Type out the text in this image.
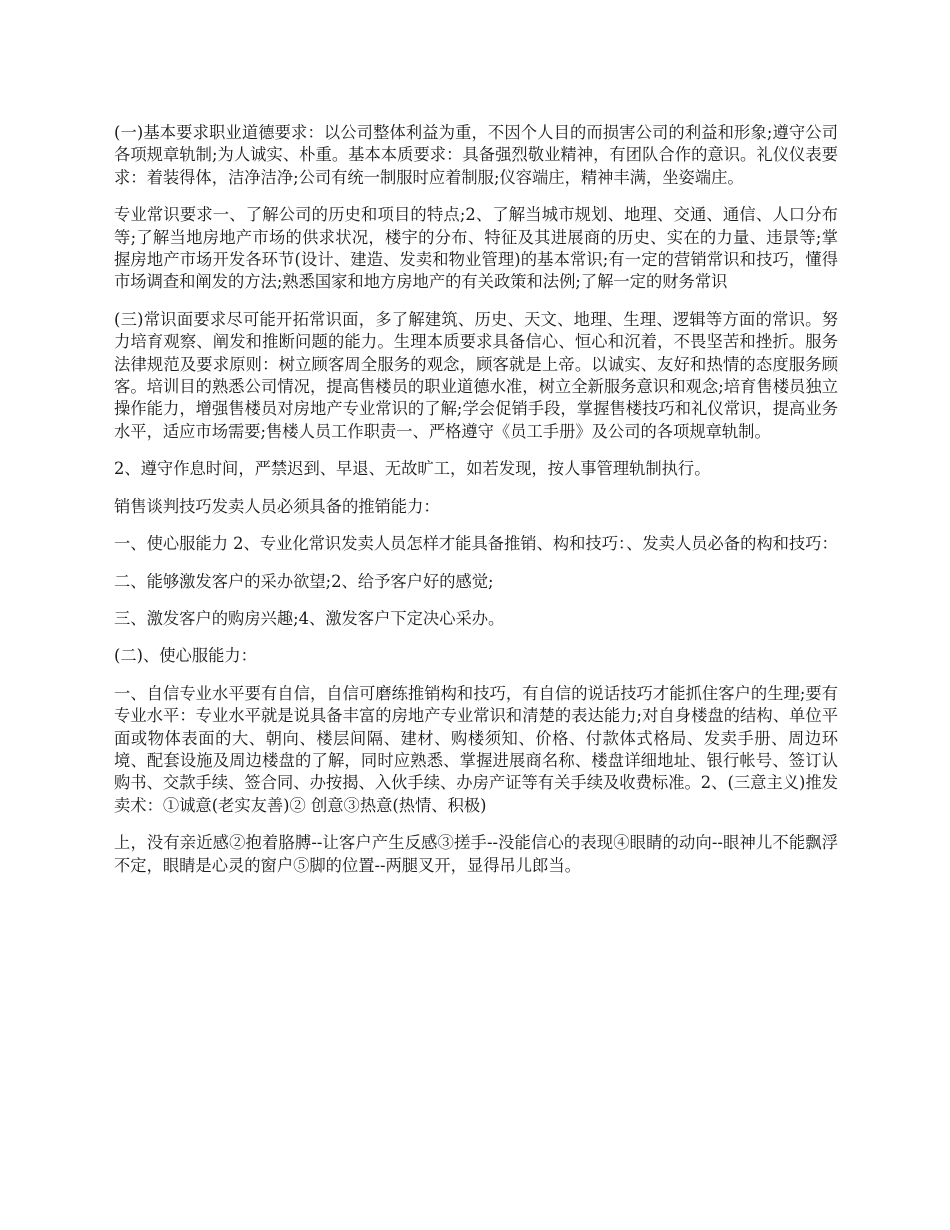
(一)基本要求职业道德要求：以公司整体利益为重，不因个人目的而损害公司的利益和形象;遵守公司各项规章轨制;为人诚实、朴重。基本本质要求：具备强烈敬业精神，有团队合作的意识。礼仪仪表要求：着装得体，洁净洁净;公司有统一制服时应着制服;仪容端庄，精神丰满，坐姿端庄。

专业常识要求一、了解公司的历史和项目的特点;2、了解当城市规划、地理、交通、通信、人口分布等;了解当地房地产市场的供求状况，楼宇的分布、特征及其进展商的历史、实在的力量、违景等;掌握房地产市场开发各环节(设计、建造、发卖和物业管理)的基本常识;有一定的营销常识和技巧，懂得市场调查和阐发的方法;熟悉国家和地方房地产的有关政策和法例;了解一定的财务常识

(三)常识面要求尽可能开拓常识面，多了解建筑、历史、天文、地理、生理、逻辑等方面的常识。努力培育观察、阐发和推断问题的能力。生理本质要求具备信心、恒心和沉着，不畏坚苦和挫折。服务法律规范及要求原则：树立顾客周全服务的观念，顾客就是上帝。以诚实、友好和热情的态度服务顾客。培训目的熟悉公司情况，提高售楼员的职业道德水准，树立全新服务意识和观念;培育售楼员独立操作能力，增强售楼员对房地产专业常识的了解;学会促销手段，掌握售楼技巧和礼仪常识，提高业务水平，适应市场需要;售楼人员工作职责一、严格遵守《员工手册》及公司的各项规章轨制。

2、遵守作息时间，严禁迟到、早退、无故旷工，如若发现，按人事管理轨制执行。

销售谈判技巧发卖人员必须具备的推销能力：

一、使心服能力 2、专业化常识发卖人员怎样才能具备推销、构和技巧：、发卖人员必备的构和技巧：

二、能够激发客户的采办欲望;2、给予客户好的感觉;

三、激发客户的购房兴趣;4、激发客户下定决心采办。

(二)、使心服能力：

一、自信专业水平要有自信，自信可磨练推销构和技巧，有自信的说话技巧才能抓住客户的生理;要有专业水平：专业水平就是说具备丰富的房地产专业常识和清楚的表达能力;对自身楼盘的结构、单位平面或物体表面的大、朝向、楼层间隔、建材、购楼须知、价格、付款体式格局、发卖手册、周边环境、配套设施及周边楼盘的了解，同时应熟悉、掌握进展商名称、楼盘详细地址、银行帐号、签订认购书、交款手续、签合同、办按揭、入伙手续、办房产证等有关手续及收费标准。2、(三意主义)推发卖术：①诚意(老实友善)② 创意③热意(热情、积极)

上，没有亲近感②抱着胳膊--让客户产生反感③搓手--没能信心的表现④眼睛的动向--眼神儿不能飘浮不定，眼睛是心灵的窗户⑤脚的位置--两腿叉开，显得吊儿郎当。
